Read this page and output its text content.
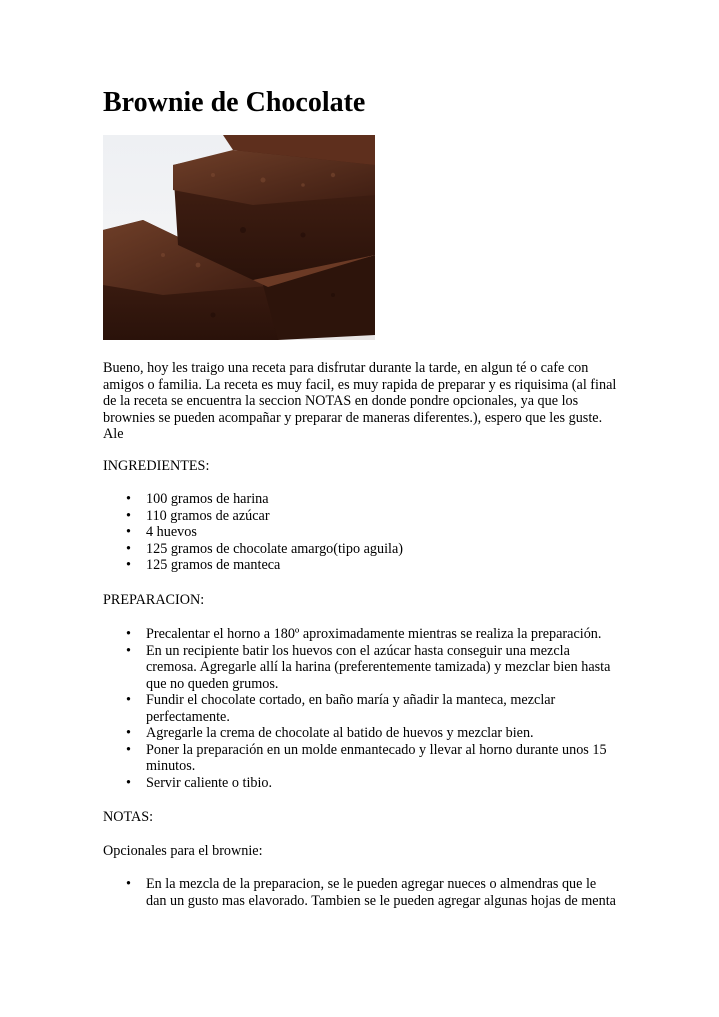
Brownie de Chocolate

Bueno, hoy les traigo una receta para disfrutar durante la tarde, en algun té o cafe con amigos o familia. La receta es muy facil, es muy rapida de preparar y es riquisima (al final de la receta se encuentra la seccion NOTAS en donde pondre opcionales, ya que los brownies se pueden acompañar y preparar de maneras diferentes.), espero que les guste.

Ale

INGREDIENTES:

• 100 gramos de harina
• 110 gramos de azúcar
• 4 huevos
• 125 gramos de chocolate amargo(tipo aguila)
• 125 gramos de manteca

PREPARACION:

• Precalentar el horno a 180º aproximadamente mientras se realiza la preparación.
• En un recipiente batir los huevos con el azúcar hasta conseguir una mezcla cremosa. Agregarle allí la harina (preferentemente tamizada) y mezclar bien hasta que no queden grumos.
• Fundir el chocolate cortado, en baño maría y añadir la manteca, mezclar perfectamente.
• Agregarle la crema de chocolate al batido de huevos y mezclar bien.
• Poner la preparación en un molde enmantecado y llevar al horno durante unos 15 minutos.
• Servir caliente o tibio.

NOTAS:

Opcionales para el brownie:

• En la mezcla de la preparacion, se le pueden agregar nueces o almendras que le dan un gusto mas elavorado. Tambien se le pueden agregar algunas hojas de menta
